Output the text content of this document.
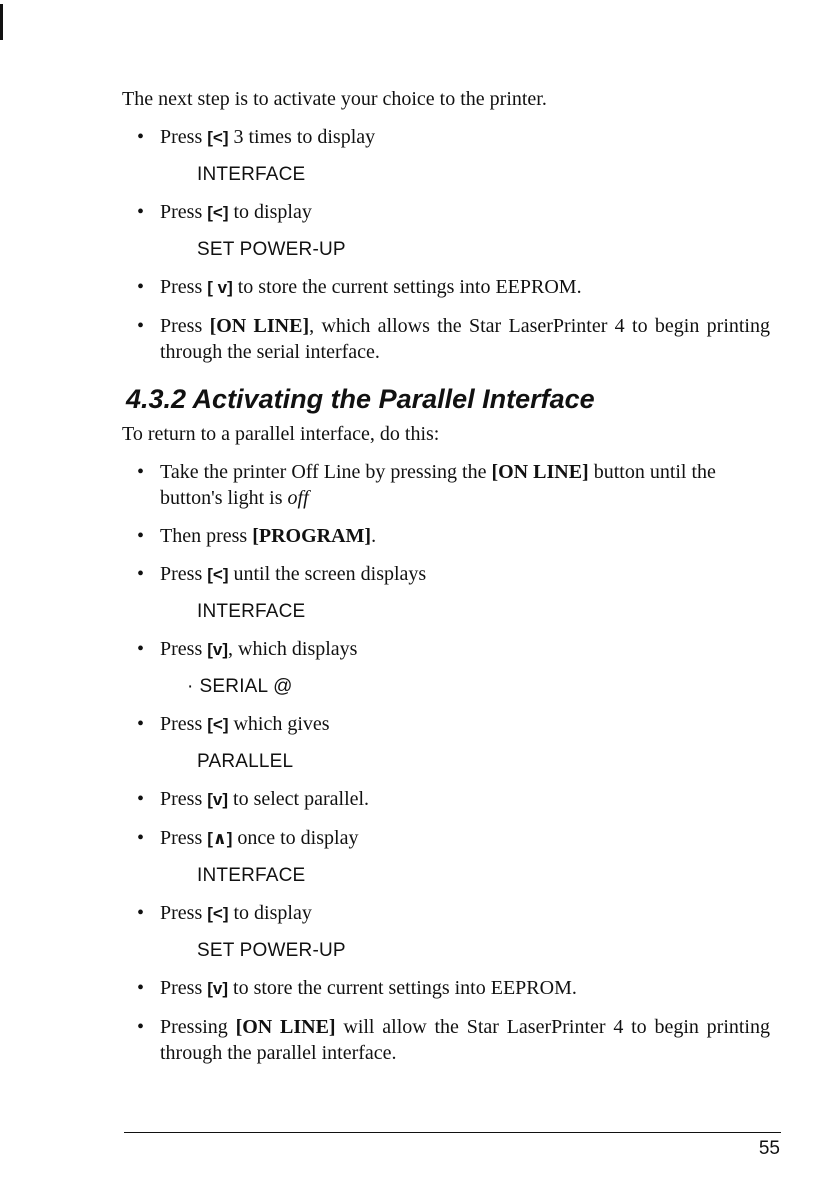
The next step is to activate your choice to the printer.

• Press [<] 3 times to display
INTERFACE
• Press [<] to display
SET POWER-UP
• Press [ v] to store the current settings into EEPROM.
• Press [ON LINE], which allows the Star LaserPrinter 4 to begin printing through the serial interface.
4.3.2 Activating the Parallel Interface

To return to a parallel interface, do this:

• Take the printer Off Line by pressing the [ON LINE] button until the button's light is off
• Then press [PROGRAM].
• Press [<] until the screen displays
INTERFACE
• Press [v], which displays
· SERIAL @
• Press [<] which gives
PARALLEL
• Press [v] to select parallel.
• Press [∧] once to display
INTERFACE
• Press [<] to display
SET POWER-UP
• Press [v] to store the current settings into EEPROM.
• Pressing [ON LINE] will allow the Star LaserPrinter 4 to begin printing through the parallel interface.
55
